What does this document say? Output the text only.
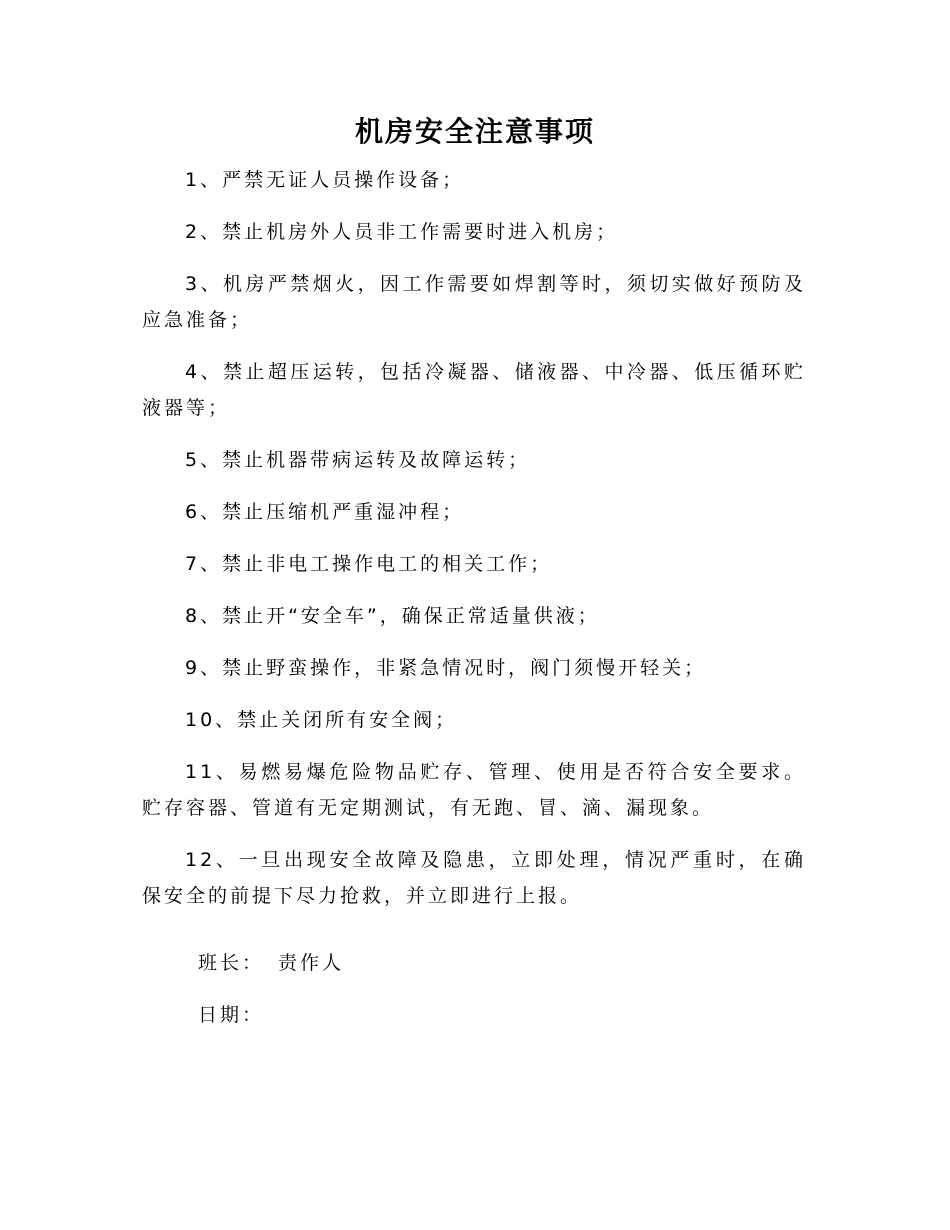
机房安全注意事项
1、严禁无证人员操作设备；
2、禁止机房外人员非工作需要时进入机房；
3、机房严禁烟火，因工作需要如焊割等时，须切实做好预防及应急准备；
4、禁止超压运转，包括冷凝器、储液器、中冷器、低压循环贮液器等；
5、禁止机器带病运转及故障运转；
6、禁止压缩机严重湿冲程；
7、禁止非电工操作电工的相关工作；
8、禁止开“安全车”，确保正常适量供液；
9、禁止野蛮操作，非紧急情况时，阀门须慢开轻关；
10、禁止关闭所有安全阀；
11、易燃易爆危险物品贮存、管理、使用是否符合安全要求。贮存容器、管道有无定期测试，有无跑、冒、滴、漏现象。
12、一旦出现安全故障及隐患，立即处理，情况严重时，在确保安全的前提下尽力抢救，并立即进行上报。
班长： 责作人
日期：
